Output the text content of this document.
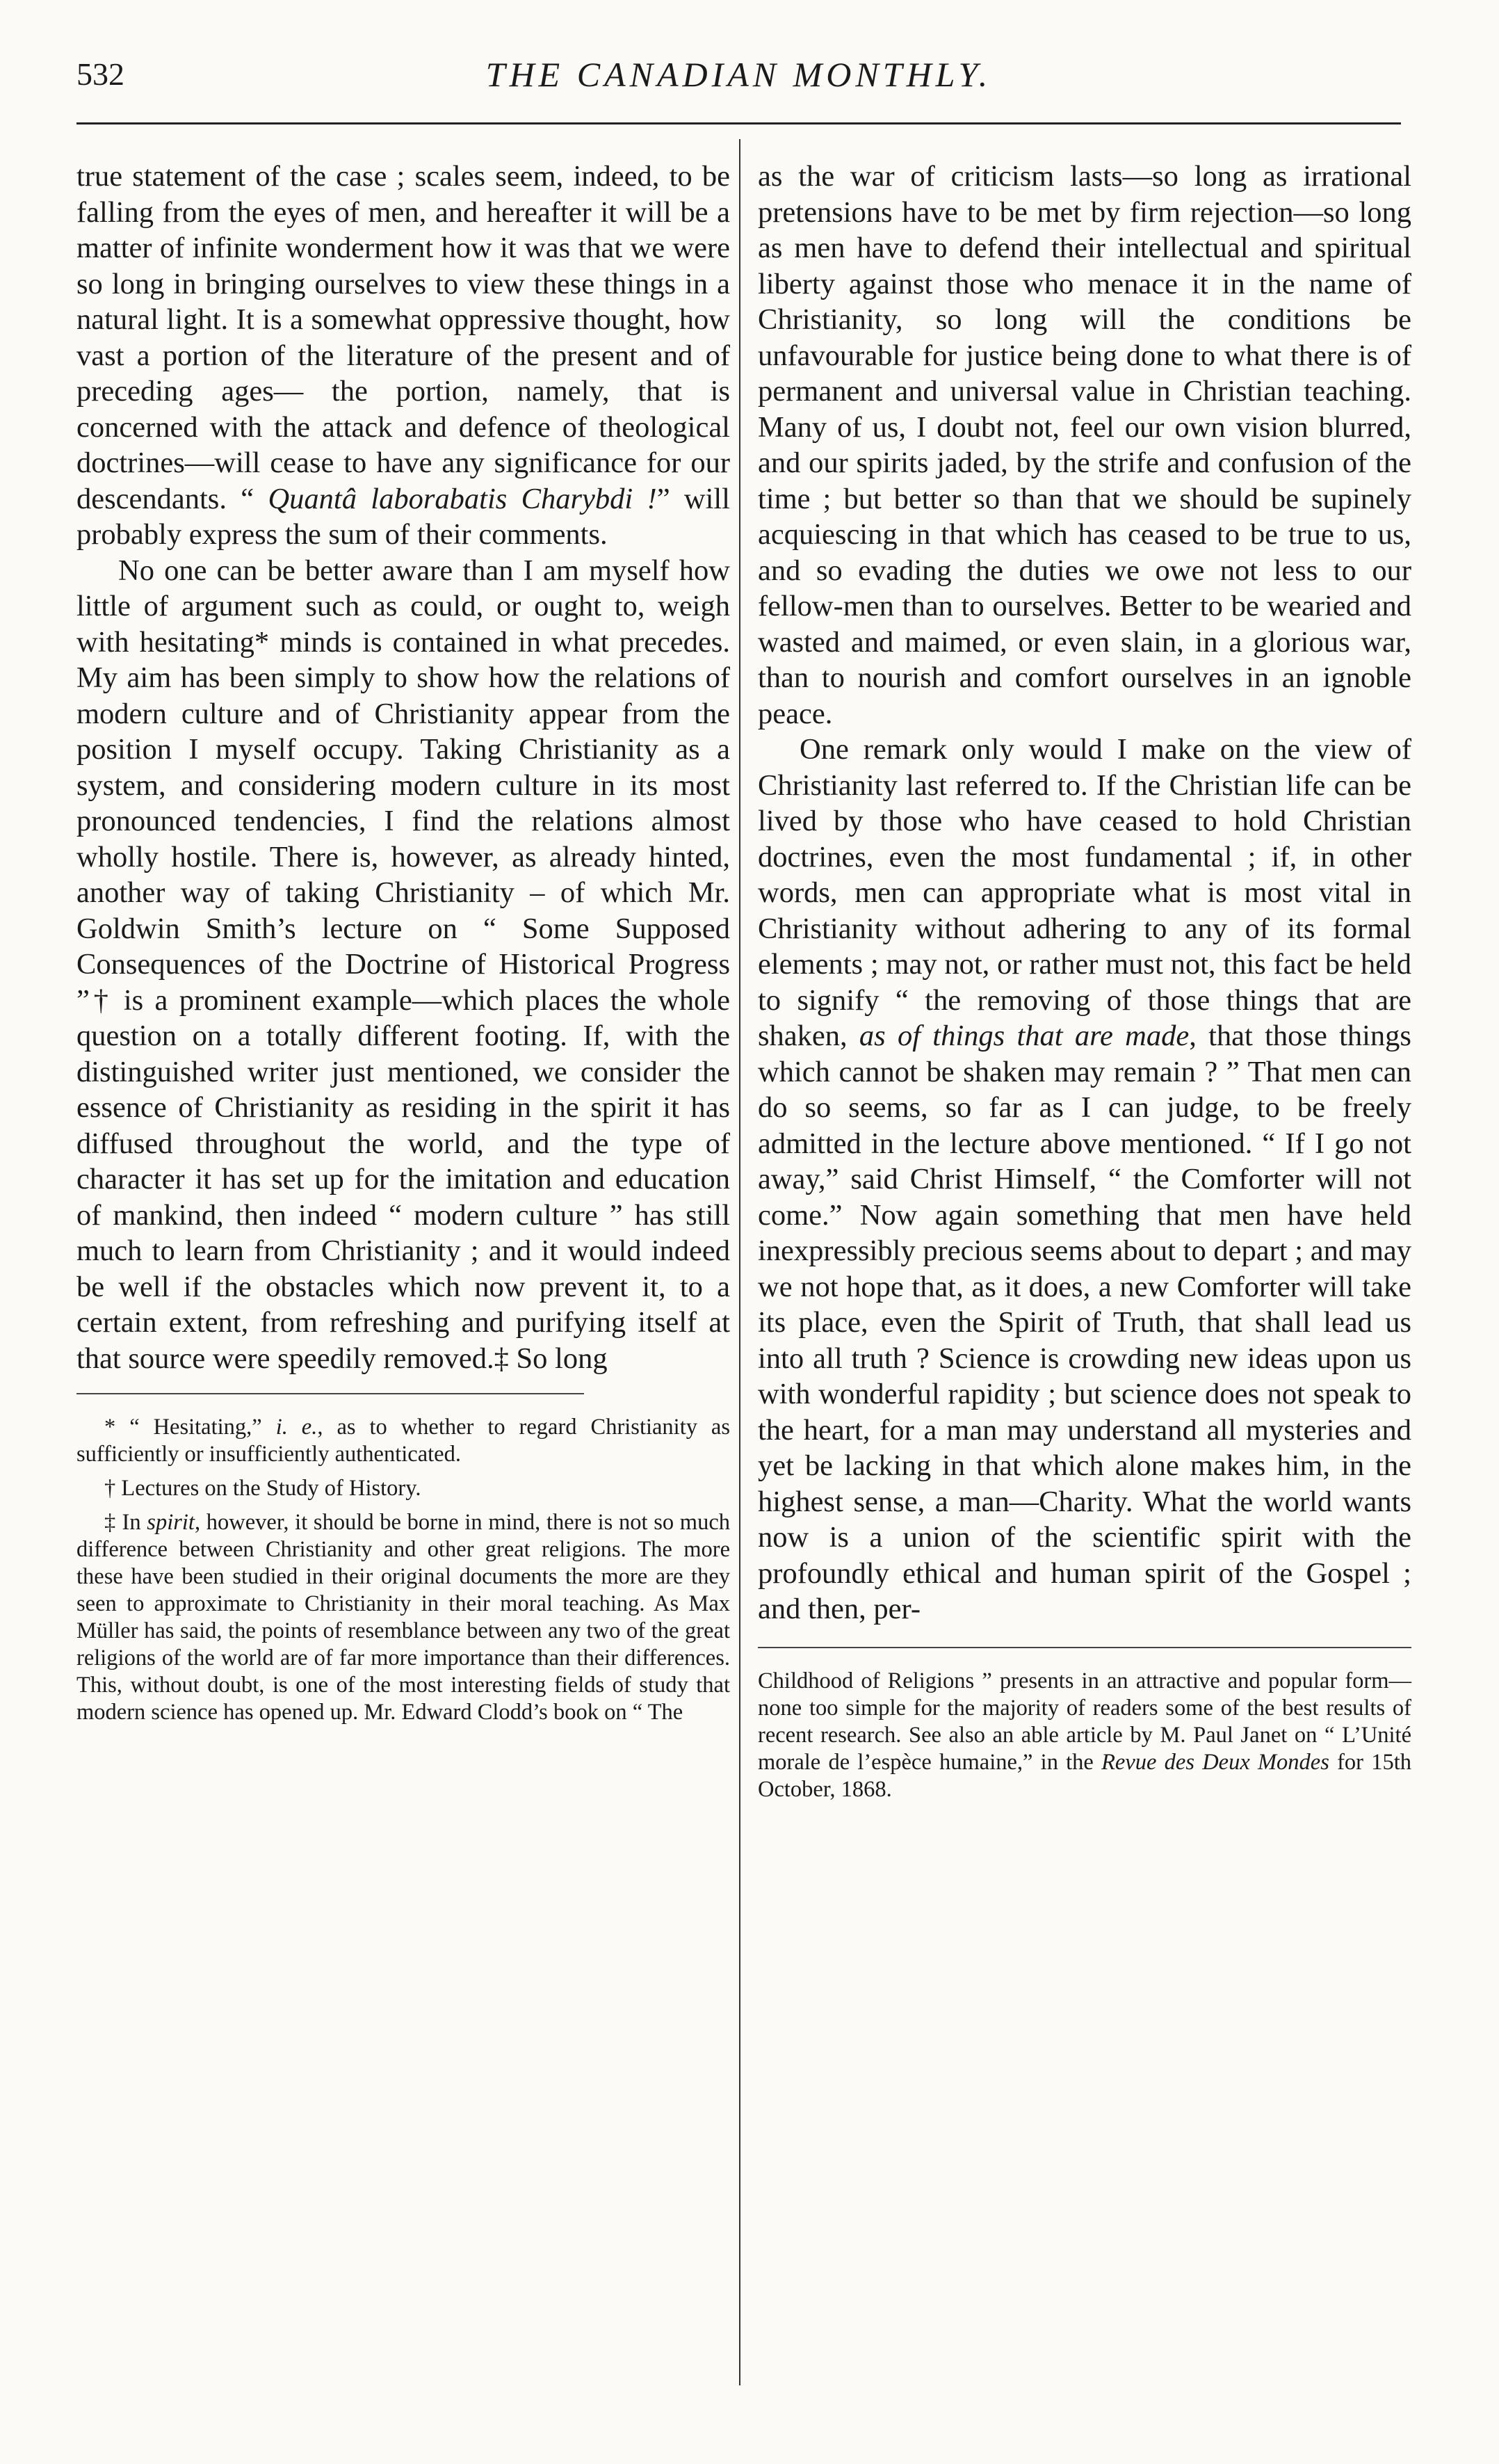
532	THE CANADIAN MONTHLY.

true statement of the case ; scales seem, indeed, to be falling from the eyes of men, and hereafter it will be a matter of infinite wonderment how it was that we were so long in bringing ourselves to view these things in a natural light. It is a somewhat oppressive thought, how vast a portion of the literature of the present and of preceding ages— the portion, namely, that is concerned with the attack and defence of theological doctrines—will cease to have any significance for our descendants. “ Quantâ laborabatis Charybdi !” will probably express the sum of their comments.

No one can be better aware than I am myself how little of argument such as could, or ought to, weigh with hesitating* minds is contained in what precedes. My aim has been simply to show how the relations of modern culture and of Christianity appear from the position I myself occupy. Taking Christianity as a system, and considering modern culture in its most pronounced tendencies, I find the relations almost wholly hostile. There is, however, as already hinted, another way of taking Christianity – of which Mr. Goldwin Smith’s lecture on “ Some Supposed Consequences of the Doctrine of Historical Progress ”† is a prominent example—which places the whole question on a totally different footing. If, with the distinguished writer just mentioned, we consider the essence of Christianity as residing in the spirit it has diffused throughout the world, and the type of character it has set up for the imitation and education of mankind, then indeed “ modern culture ” has still much to learn from Christianity ; and it would indeed be well if the obstacles which now prevent it, to a certain extent, from refreshing and purifying itself at that source were speedily removed.‡ So long

* “ Hesitating,” i. e., as to whether to regard Christianity as sufficiently or insufficiently authenticated.

† Lectures on the Study of History.

‡ In spirit, however, it should be borne in mind, there is not so much difference between Christianity and other great religions. The more these have been studied in their original documents the more are they seen to approximate to Christianity in their moral teaching. As Max Müller has said, the points of resemblance between any two of the great religions of the world are of far more importance than their differences. This, without doubt, is one of the most interesting fields of study that modern science has opened up. Mr. Edward Clodd’s book on “ The

as the war of criticism lasts—so long as irrational pretensions have to be met by firm rejection—so long as men have to defend their intellectual and spiritual liberty against those who menace it in the name of Christianity, so long will the conditions be unfavourable for justice being done to what there is of permanent and universal value in Christian teaching. Many of us, I doubt not, feel our own vision blurred, and our spirits jaded, by the strife and confusion of the time ; but better so than that we should be supinely acquiescing in that which has ceased to be true to us, and so evading the duties we owe not less to our fellow-men than to ourselves. Better to be wearied and wasted and maimed, or even slain, in a glorious war, than to nourish and comfort ourselves in an ignoble peace.

One remark only would I make on the view of Christianity last referred to. If the Christian life can be lived by those who have ceased to hold Christian doctrines, even the most fundamental ; if, in other words, men can appropriate what is most vital in Christianity without adhering to any of its formal elements ; may not, or rather must not, this fact be held to signify “ the removing of those things that are shaken, as of things that are made, that those things which cannot be shaken may remain ? ” That men can do so seems, so far as I can judge, to be freely admitted in the lecture above mentioned. “ If I go not away,” said Christ Himself, “ the Comforter will not come.” Now again something that men have held inexpressibly precious seems about to depart ; and may we not hope that, as it does, a new Comforter will take its place, even the Spirit of Truth, that shall lead us into all truth ? Science is crowding new ideas upon us with wonderful rapidity ; but science does not speak to the heart, for a man may understand all mysteries and yet be lacking in that which alone makes him, in the highest sense, a man—Charity. What the world wants now is a union of the scientific spirit with the profoundly ethical and human spirit of the Gospel ; and then, per-

Childhood of Religions ” presents in an attractive and popular form—none too simple for the majority of readers some of the best results of recent research. See also an able article by M. Paul Janet on “ L’Unité morale de l’espèce humaine,” in the Revue des Deux Mondes for 15th October, 1868.
